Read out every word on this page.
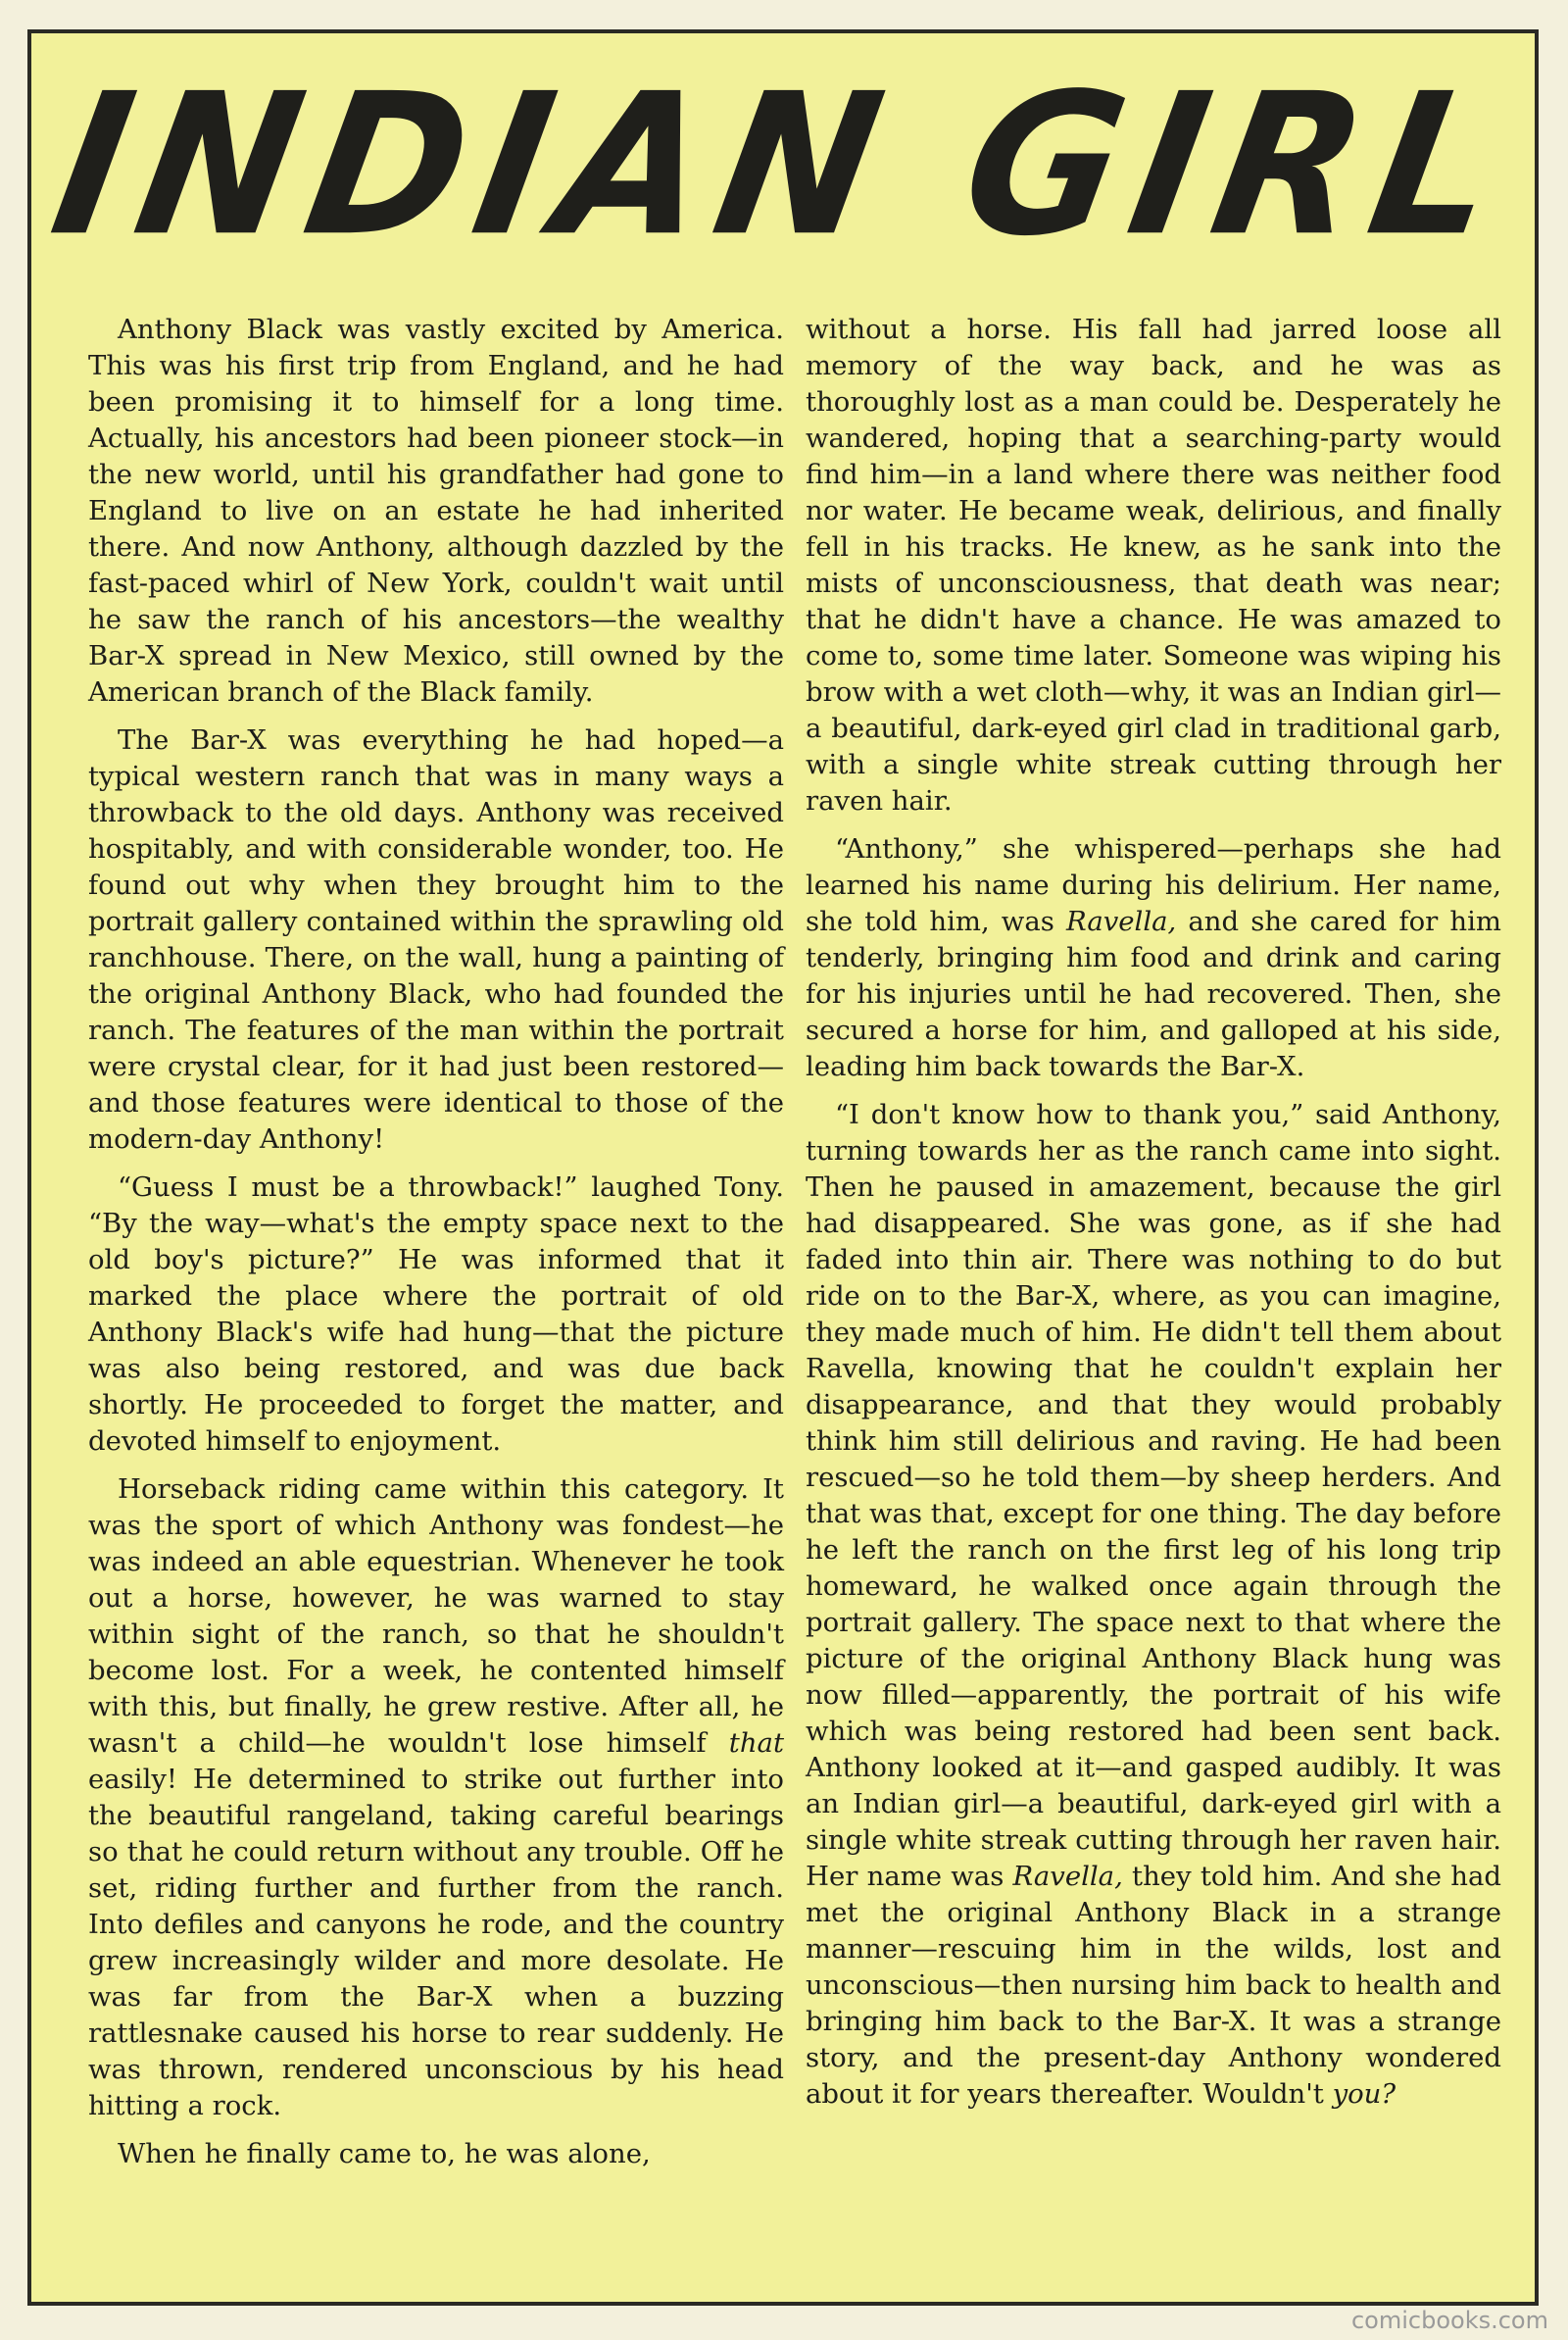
INDIAN GIRL

Anthony Black was vastly excited by America. This was his first trip from England, and he had been promising it to himself for a long time. Actually, his ancestors had been pioneer stock—in the new world, until his grandfather had gone to England to live on an estate he had inherited there. And now Anthony, although dazzled by the fast-paced whirl of New York, couldn't wait until he saw the ranch of his ancestors—the wealthy Bar-X spread in New Mexico, still owned by the American branch of the Black family.

The Bar-X was everything he had hoped—a typical western ranch that was in many ways a throwback to the old days. Anthony was received hospitably, and with considerable wonder, too. He found out why when they brought him to the portrait gallery contained within the sprawling old ranchhouse. There, on the wall, hung a painting of the original Anthony Black, who had founded the ranch. The features of the man within the portrait were crystal clear, for it had just been restored—and those features were identical to those of the modern-day Anthony!

“Guess I must be a throwback!” laughed Tony. “By the way—what's the empty space next to the old boy's picture?” He was informed that it marked the place where the portrait of old Anthony Black's wife had hung—that the picture was also being restored, and was due back shortly. He proceeded to forget the matter, and devoted himself to enjoyment.

Horseback riding came within this category. It was the sport of which Anthony was fondest—he was indeed an able equestrian. Whenever he took out a horse, however, he was warned to stay within sight of the ranch, so that he shouldn't become lost. For a week, he contented himself with this, but finally, he grew restive. After all, he wasn't a child—he wouldn't lose himself that easily! He determined to strike out further into the beautiful rangeland, taking careful bearings so that he could return without any trouble. Off he set, riding further and further from the ranch. Into defiles and canyons he rode, and the country grew increasingly wilder and more desolate. He was far from the Bar-X when a buzzing rattlesnake caused his horse to rear suddenly. He was thrown, rendered unconscious by his head hitting a rock.

When he finally came to, he was alone,

without a horse. His fall had jarred loose all memory of the way back, and he was as thoroughly lost as a man could be. Desperately he wandered, hoping that a searching-party would find him—in a land where there was neither food nor water. He became weak, delirious, and finally fell in his tracks. He knew, as he sank into the mists of unconsciousness, that death was near; that he didn't have a chance. He was amazed to come to, some time later. Someone was wiping his brow with a wet cloth—why, it was an Indian girl—a beautiful, dark-eyed girl clad in traditional garb, with a single white streak cutting through her raven hair.

“Anthony,” she whispered—perhaps she had learned his name during his delirium. Her name, she told him, was Ravella, and she cared for him tenderly, bringing him food and drink and caring for his injuries until he had recovered. Then, she secured a horse for him, and galloped at his side, leading him back towards the Bar-X.

“I don't know how to thank you,” said Anthony, turning towards her as the ranch came into sight. Then he paused in amazement, because the girl had disappeared. She was gone, as if she had faded into thin air. There was nothing to do but ride on to the Bar-X, where, as you can imagine, they made much of him. He didn't tell them about Ravella, knowing that he couldn't explain her disappearance, and that they would probably think him still delirious and raving. He had been rescued—so he told them—by sheep herders. And that was that, except for one thing. The day before he left the ranch on the first leg of his long trip homeward, he walked once again through the portrait gallery. The space next to that where the picture of the original Anthony Black hung was now filled—apparently, the portrait of his wife which was being restored had been sent back. Anthony looked at it—and gasped audibly. It was an Indian girl—a beautiful, dark-eyed girl with a single white streak cutting through her raven hair. Her name was Ravella, they told him. And she had met the original Anthony Black in a strange manner—rescuing him in the wilds, lost and unconscious—then nursing him back to health and bringing him back to the Bar-X. It was a strange story, and the present-day Anthony wondered about it for years thereafter. Wouldn't you?

comicbooks.com
